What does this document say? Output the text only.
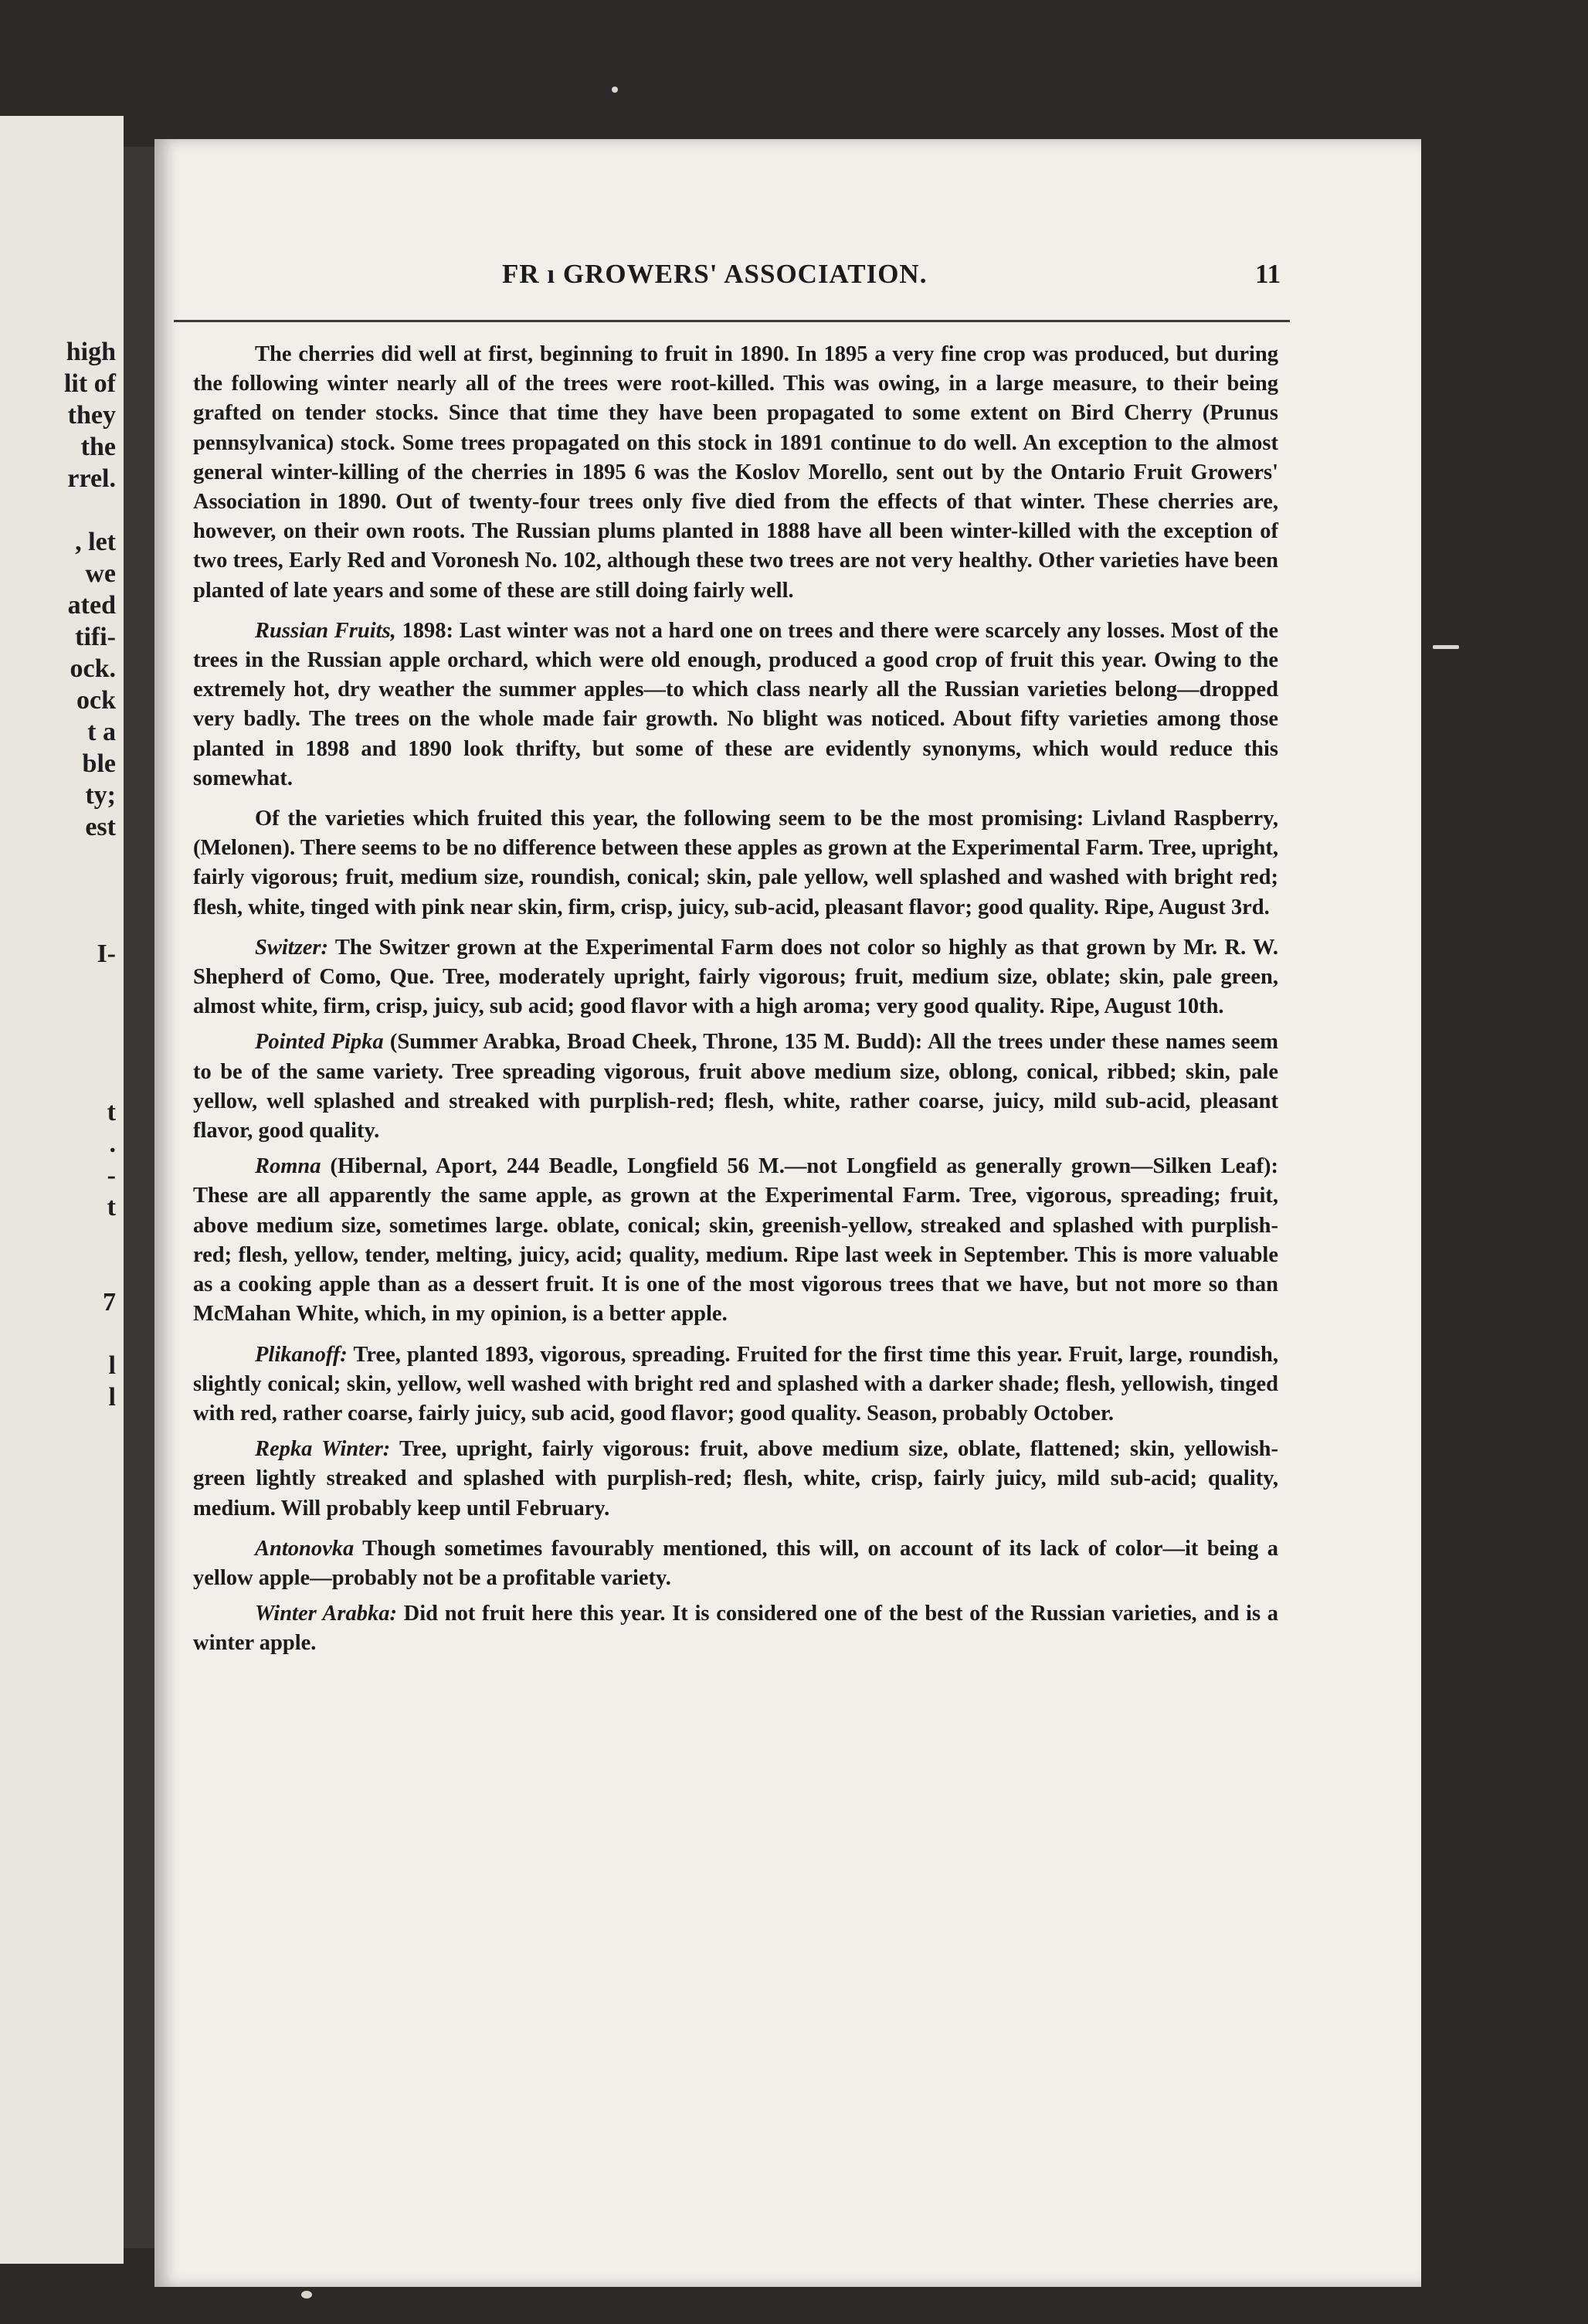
high
lit of
they
the
rrel.

, let
we
ated
tifi-
ock.
ock
t a
ble
ty;
est

I-

t
.
-
t

7

l
l
FR ı GROWERS' ASSOCIATION.	11

The cherries did well at first, beginning to fruit in 1890. In 1895 a very fine crop was produced, but during the following winter nearly all of the trees were root-killed. This was owing, in a large measure, to their being grafted on tender stocks. Since that time they have been propagated to some extent on Bird Cherry (Prunus pennsylvanica) stock. Some trees propagated on this stock in 1891 continue to do well. An exception to the almost general winter-killing of the cherries in 1895 6 was the Koslov Morello, sent out by the Ontario Fruit Growers' Association in 1890. Out of twenty-four trees only five died from the effects of that winter. These cherries are, however, on their own roots. The Russian plums planted in 1888 have all been winter-killed with the exception of two trees, Early Red and Voronesh No. 102, although these two trees are not very healthy. Other varieties have been planted of late years and some of these are still doing fairly well.

Russian Fruits, 1898: Last winter was not a hard one on trees and there were scarcely any losses. Most of the trees in the Russian apple orchard, which were old enough, produced a good crop of fruit this year. Owing to the extremely hot, dry weather the summer apples—to which class nearly all the Russian varieties belong—dropped very badly. The trees on the whole made fair growth. No blight was noticed. About fifty varieties among those planted in 1898 and 1890 look thrifty, but some of these are evidently synonyms, which would reduce this somewhat.

Of the varieties which fruited this year, the following seem to be the most promising: Livland Raspberry, (Melonen). There seems to be no difference between these apples as grown at the Experimental Farm. Tree, upright, fairly vigorous; fruit, medium size, roundish, conical; skin, pale yellow, well splashed and washed with bright red; flesh, white, tinged with pink near skin, firm, crisp, juicy, sub-acid, pleasant flavor; good quality. Ripe, August 3rd.

Switzer: The Switzer grown at the Experimental Farm does not color so highly as that grown by Mr. R. W. Shepherd of Como, Que. Tree, moderately upright, fairly vigorous; fruit, medium size, oblate; skin, pale green, almost white, firm, crisp, juicy, sub acid; good flavor with a high aroma; very good quality. Ripe, August 10th.

Pointed Pipka (Summer Arabka, Broad Cheek, Throne, 135 M. Budd): All the trees under these names seem to be of the same variety. Tree spreading vigorous, fruit above medium size, oblong, conical, ribbed; skin, pale yellow, well splashed and streaked with purplish-red; flesh, white, rather coarse, juicy, mild sub-acid, pleasant flavor, good quality.

Romna (Hibernal, Aport, 244 Beadle, Longfield 56 M.—not Longfield as generally grown—Silken Leaf): These are all apparently the same apple, as grown at the Experimental Farm. Tree, vigorous, spreading; fruit, above medium size, sometimes large. oblate, conical; skin, greenish-yellow, streaked and splashed with purplish-red; flesh, yellow, tender, melting, juicy, acid; quality, medium. Ripe last week in September. This is more valuable as a cooking apple than as a dessert fruit. It is one of the most vigorous trees that we have, but not more so than McMahan White, which, in my opinion, is a better apple.

Plikanoff: Tree, planted 1893, vigorous, spreading. Fruited for the first time this year. Fruit, large, roundish, slightly conical; skin, yellow, well washed with bright red and splashed with a darker shade; flesh, yellowish, tinged with red, rather coarse, fairly juicy, sub acid, good flavor; good quality. Season, probably October.

Repka Winter: Tree, upright, fairly vigorous: fruit, above medium size, oblate, flattened; skin, yellowish-green lightly streaked and splashed with purplish-red; flesh, white, crisp, fairly juicy, mild sub-acid; quality, medium. Will probably keep until February.

Antonovka Though sometimes favourably mentioned, this will, on account of its lack of color—it being a yellow apple—probably not be a profitable variety.

Winter Arabka: Did not fruit here this year. It is considered one of the best of the Russian varieties, and is a winter apple.
